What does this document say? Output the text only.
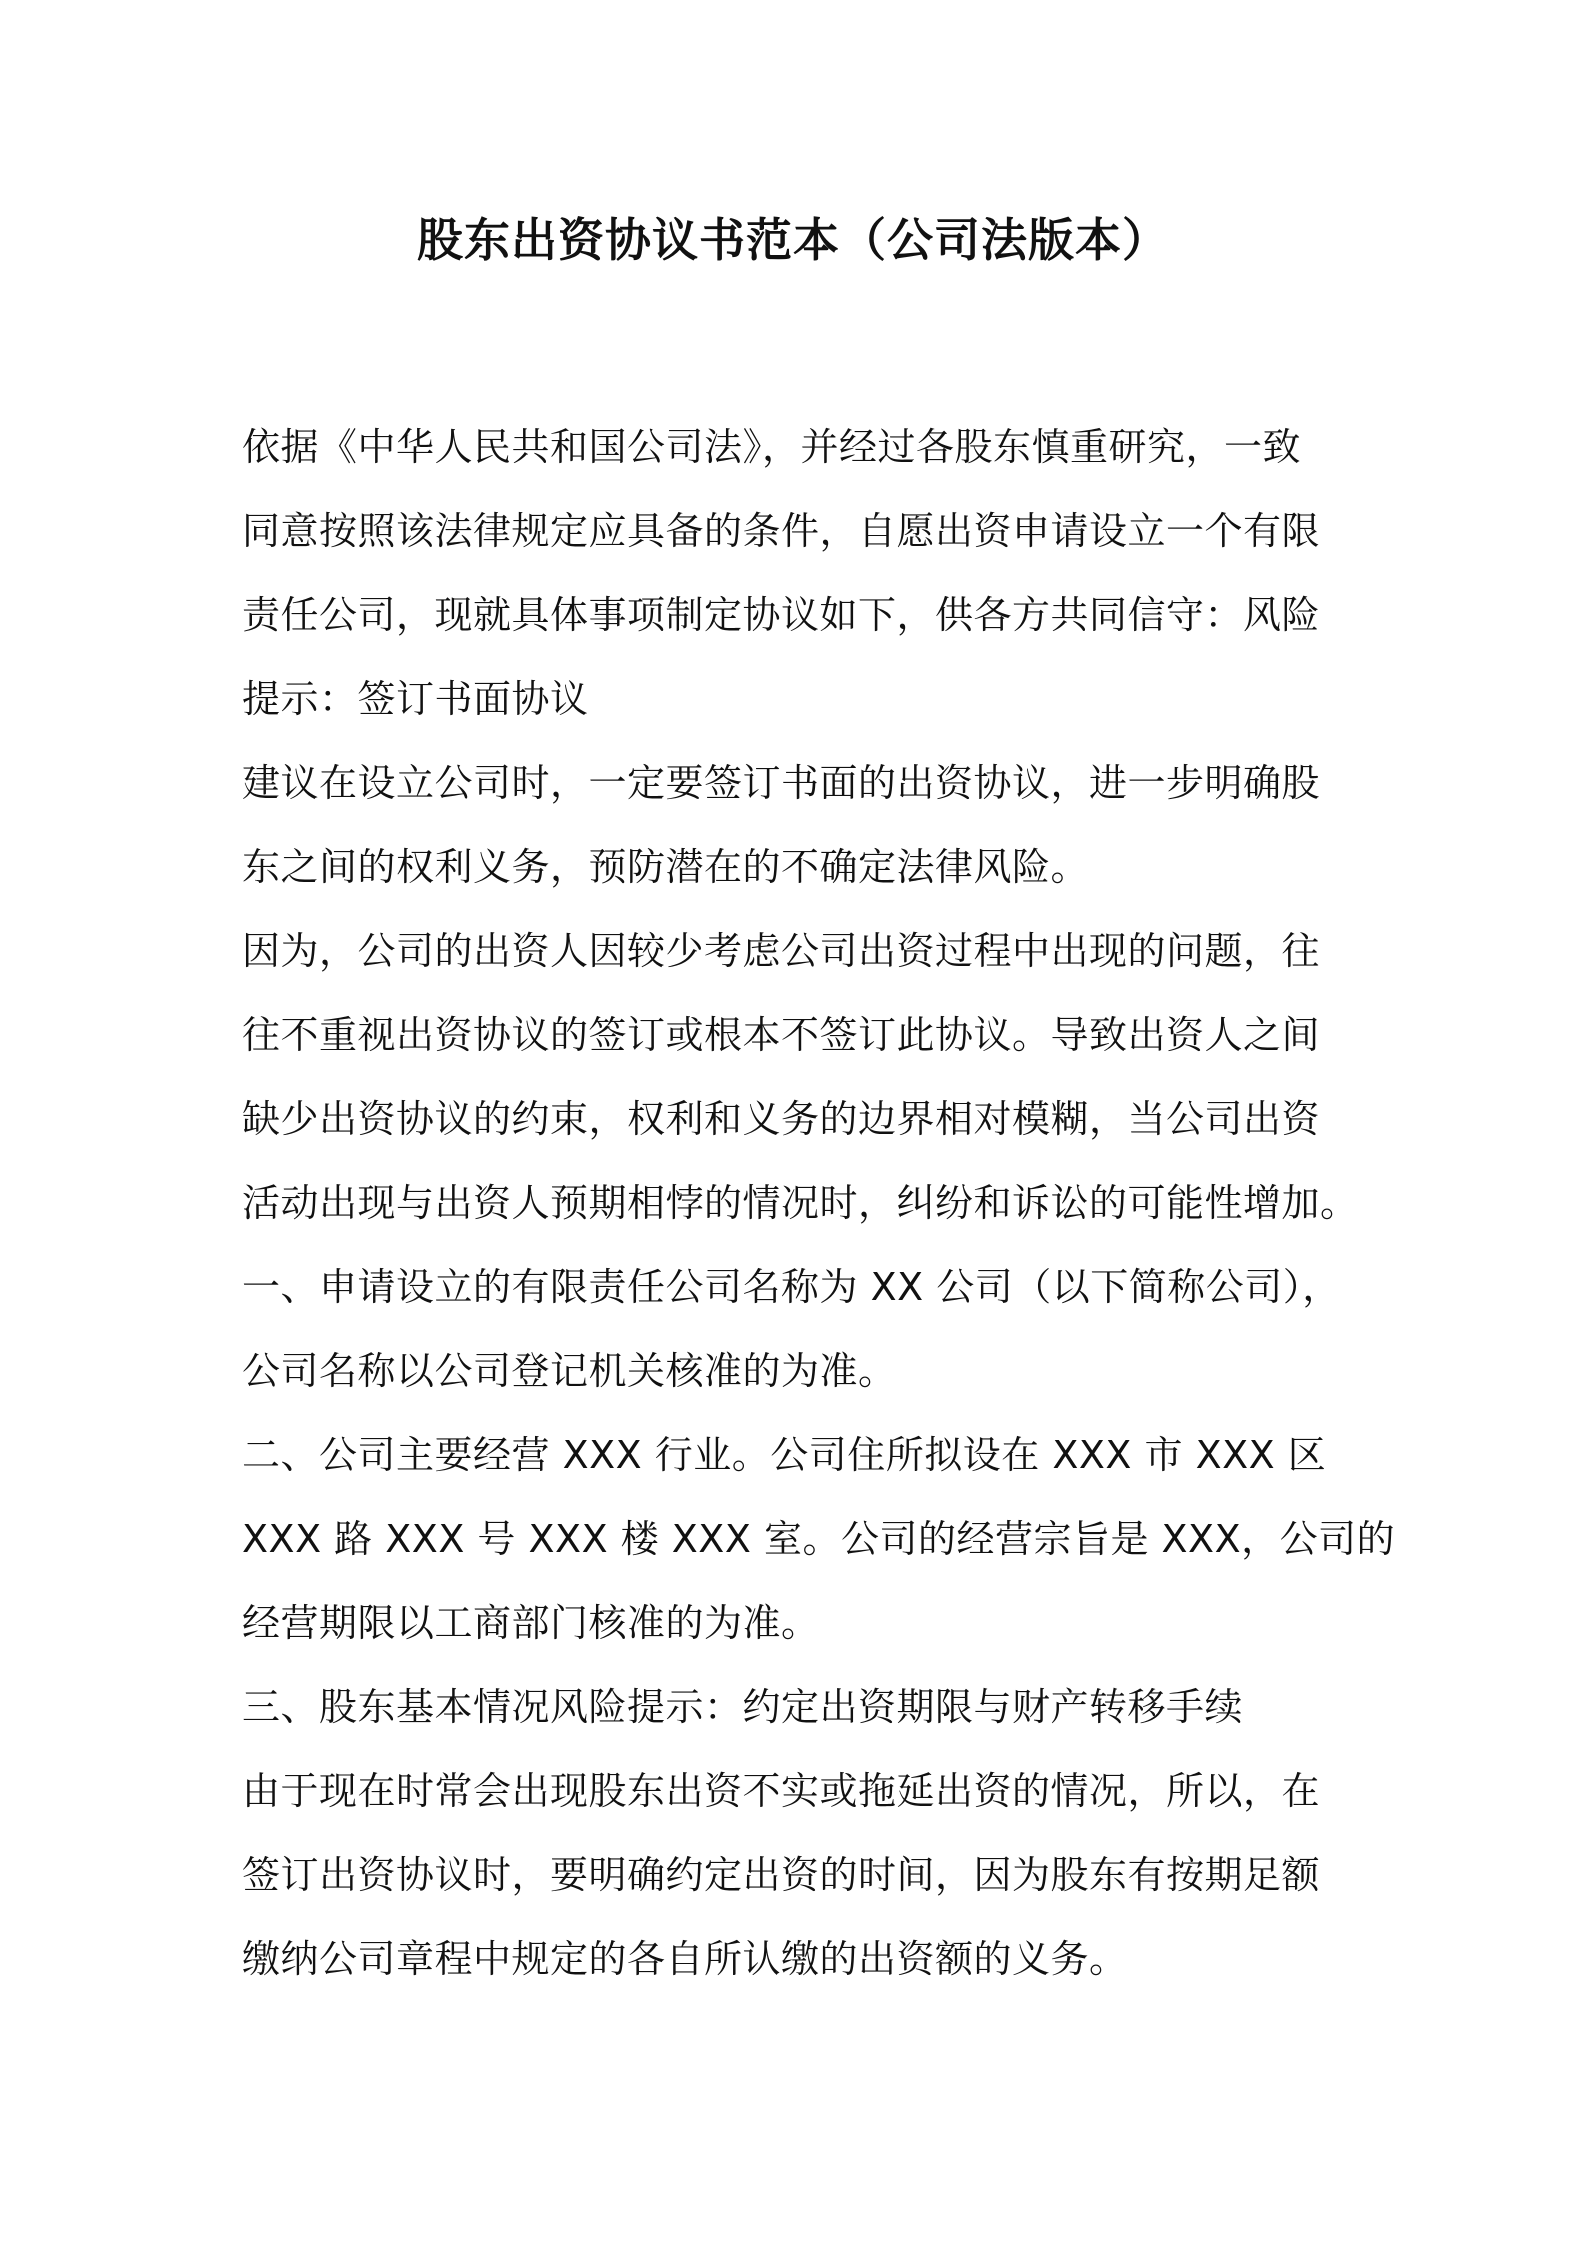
股东出资协议书范本（公司法版本）
依据《中华人民共和国公司法》，并经过各股东慎重研究，一致
同意按照该法律规定应具备的条件，自愿出资申请设立一个有限
责任公司，现就具体事项制定协议如下，供各方共同信守：风险
提示：签订书面协议
建议在设立公司时，一定要签订书面的出资协议，进一步明确股
东之间的权利义务，预防潜在的不确定法律风险。
因为，公司的出资人因较少考虑公司出资过程中出现的问题，往
往不重视出资协议的签订或根本不签订此协议。导致出资人之间
缺少出资协议的约束，权利和义务的边界相对模糊，当公司出资
活动出现与出资人预期相悖的情况时，纠纷和诉讼的可能性增加。
一、申请设立的有限责任公司名称为 XX 公司（以下简称公司），
公司名称以公司登记机关核准的为准。
二、公司主要经营 XXX 行业。公司住所拟设在 XXX 市 XXX 区
XXX 路 XXX 号 XXX 楼 XXX 室。公司的经营宗旨是 XXX，公司的
经营期限以工商部门核准的为准。
三、股东基本情况风险提示：约定出资期限与财产转移手续
由于现在时常会出现股东出资不实或拖延出资的情况，所以，在
签订出资协议时，要明确约定出资的时间，因为股东有按期足额
缴纳公司章程中规定的各自所认缴的出资额的义务。
